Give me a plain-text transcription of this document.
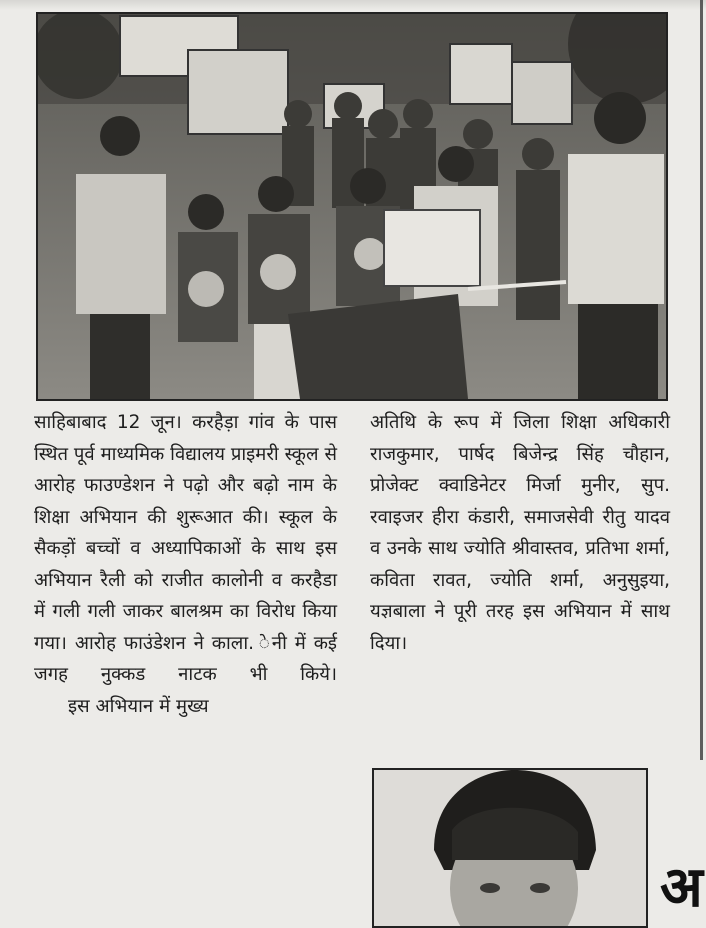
साहिबाबाद 12 जून। करहैड़ा गांव के पास स्थित पूर्व माध्यमिक विद्यालय प्राइमरी स्कूल से आरोह फाउण्डेशन ने पढ़ो और बढ़ो नाम के शिक्षा अभियान की शुरूआत की। स्कूल के सैकड़ों बच्चों व अध्यापिकाओं के साथ इस अभियान रैली को राजीत कालोनी व करहैडा में गली गली जाकर बालश्रम का विरोध किया गया। आरोह फाउंडेशन ने काला. ेनी में कई जगह नुक्कड नाटक भी किये।

इस अभियान में मुख्य

अतिथि के रूप में जिला शिक्षा अधिकारी राजकुमार, पार्षद बिजेन्द्र सिंह चौहान, प्रोजेक्ट क्वाडिनेटर मिर्जा मुनीर, सुप. रवाइजर हीरा कंडारी, समाजसेवी रीतु यादव व उनके साथ ज्योति श्रीवास्तव, प्रतिभा शर्मा, कविता रावत, ज्योति शर्मा, अनुसुइया, यज्ञबाला ने पूरी तरह इस अभियान में साथ दिया।

अ
